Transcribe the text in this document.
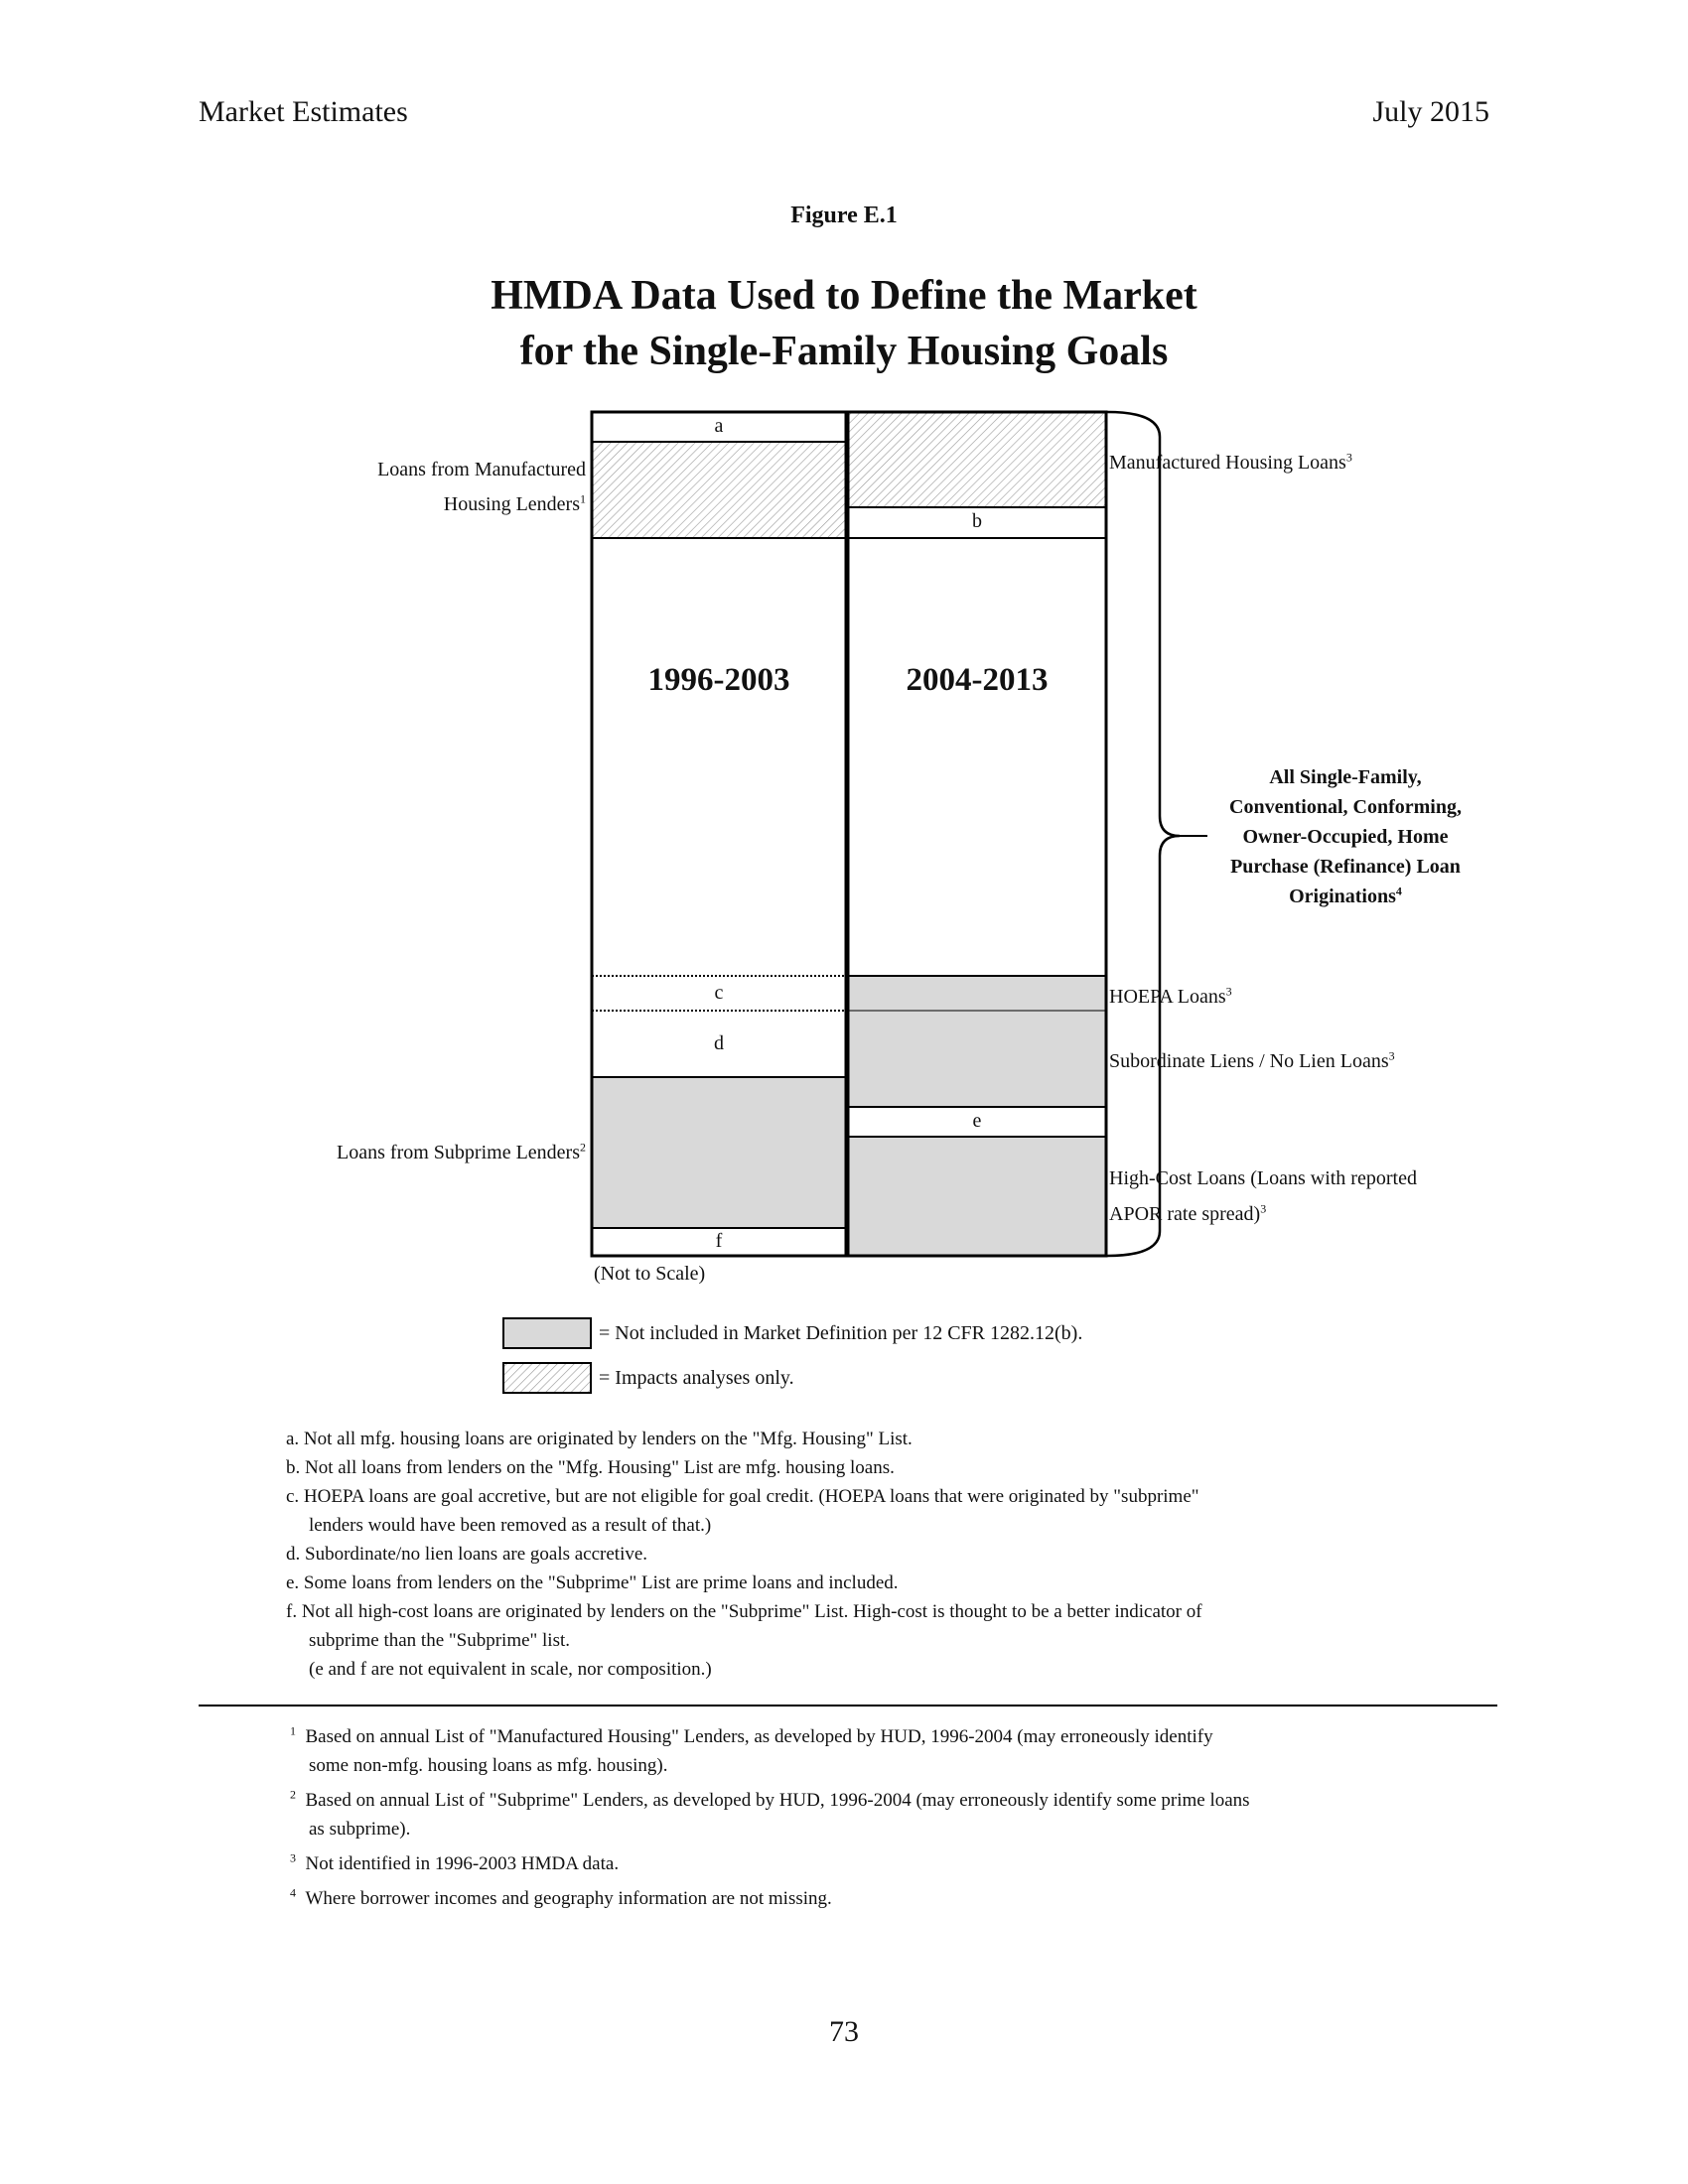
Market Estimates	July 2015
Figure E.1
HMDA Data Used to Define the Market
for the Single-Family Housing Goals
a
b
c
d
e
f
1996-2003	2004-2013
Loans from Manufactured
Housing Lenders$^1$
Loans from Subprime Lenders$^2$
Manufactured Housing Loans$^3$
HOEPA Loans$^3$
Subordinate Liens / No Lien Loans$^3$
High-Cost Loans (Loans with reported
APOR rate spread)$^3$
All Single-Family,
Conventional, Conforming,
Owner-Occupied, Home
Purchase (Refinance) Loan
Originations$^4$
(Not to Scale)
= Not included in Market Definition per 12 CFR 1282.12(b).
= Impacts analyses only.
a. Not all mfg. housing loans are originated by lenders on the "Mfg. Housing" List.
b. Not all loans from lenders on the "Mfg. Housing" List are mfg. housing loans.
c. HOEPA loans are goal accretive, but are not eligible for goal credit. (HOEPA loans that were originated by "subprime"
lenders would have been removed as a result of that.)
d. Subordinate/no lien loans are goals accretive.
e. Some loans from lenders on the "Subprime" List are prime loans and included.
f. Not all high-cost loans are originated by lenders on the "Subprime" List. High-cost is thought to be a better indicator of
subprime than the "Subprime" list.
(e and f are not equivalent in scale, nor composition.)
$^1$ Based on annual List of "Manufactured Housing" Lenders, as developed by HUD, 1996-2004 (may erroneously identify
some non-mfg. housing loans as mfg. housing).
$^2$ Based on annual List of "Subprime" Lenders, as developed by HUD, 1996-2004 (may erroneously identify some prime loans
as subprime).
$^3$ Not identified in 1996-2003 HMDA data.
$^4$ Where borrower incomes and geography information are not missing.
73
